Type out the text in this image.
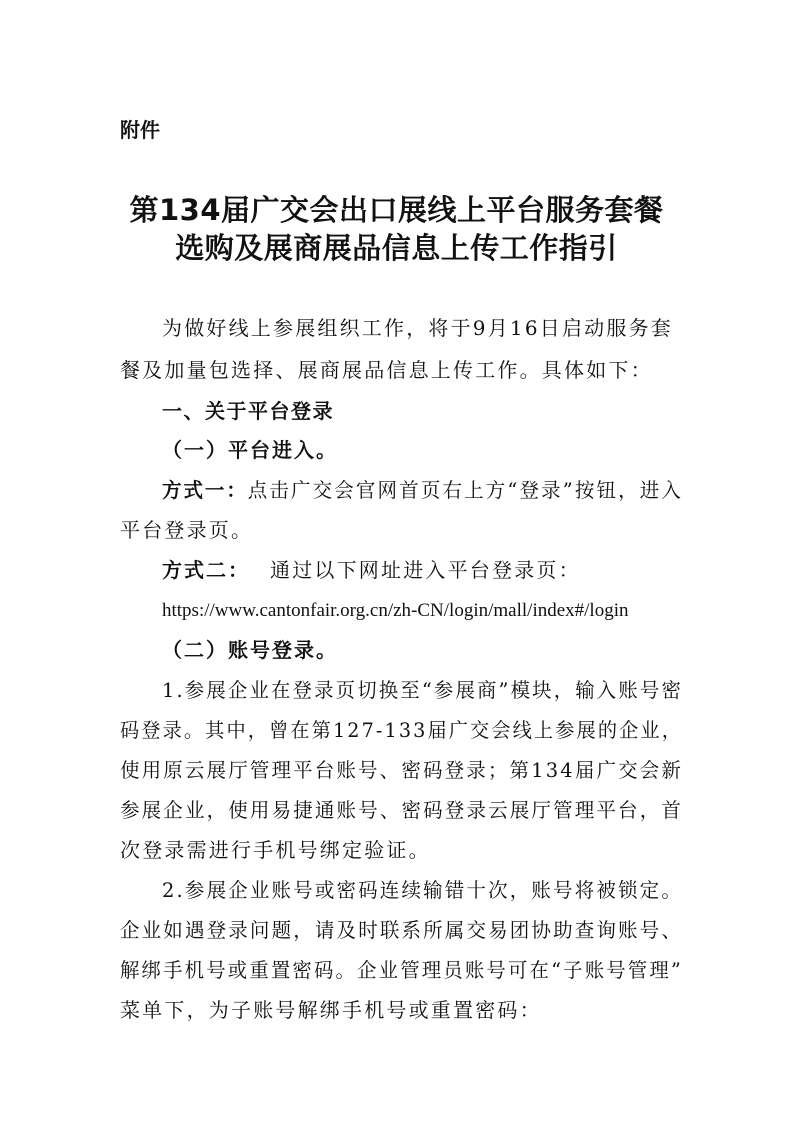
附件
第134届广交会出口展线上平台服务套餐
选购及展商展品信息上传工作指引
为做好线上参展组织工作，将于9月16日启动服务套
餐及加量包选择、展商展品信息上传工作。具体如下：
一、关于平台登录
（一）平台进入。
方式一：点击广交会官网首页右上方“登录”按钮，进入
平台登录页。
方式二： 通过以下网址进入平台登录页：
https://www.cantonfair.org.cn/zh-CN/login/mall/index#/login
（二）账号登录。
1.参展企业在登录页切换至“参展商”模块，输入账号密
码登录。其中，曾在第127-133届广交会线上参展的企业，
使用原云展厅管理平台账号、密码登录；第134届广交会新
参展企业，使用易捷通账号、密码登录云展厅管理平台，首
次登录需进行手机号绑定验证。
2.参展企业账号或密码连续输错十次，账号将被锁定。
企业如遇登录问题，请及时联系所属交易团协助查询账号、
解绑手机号或重置密码。企业管理员账号可在“子账号管理”
菜单下，为子账号解绑手机号或重置密码：
